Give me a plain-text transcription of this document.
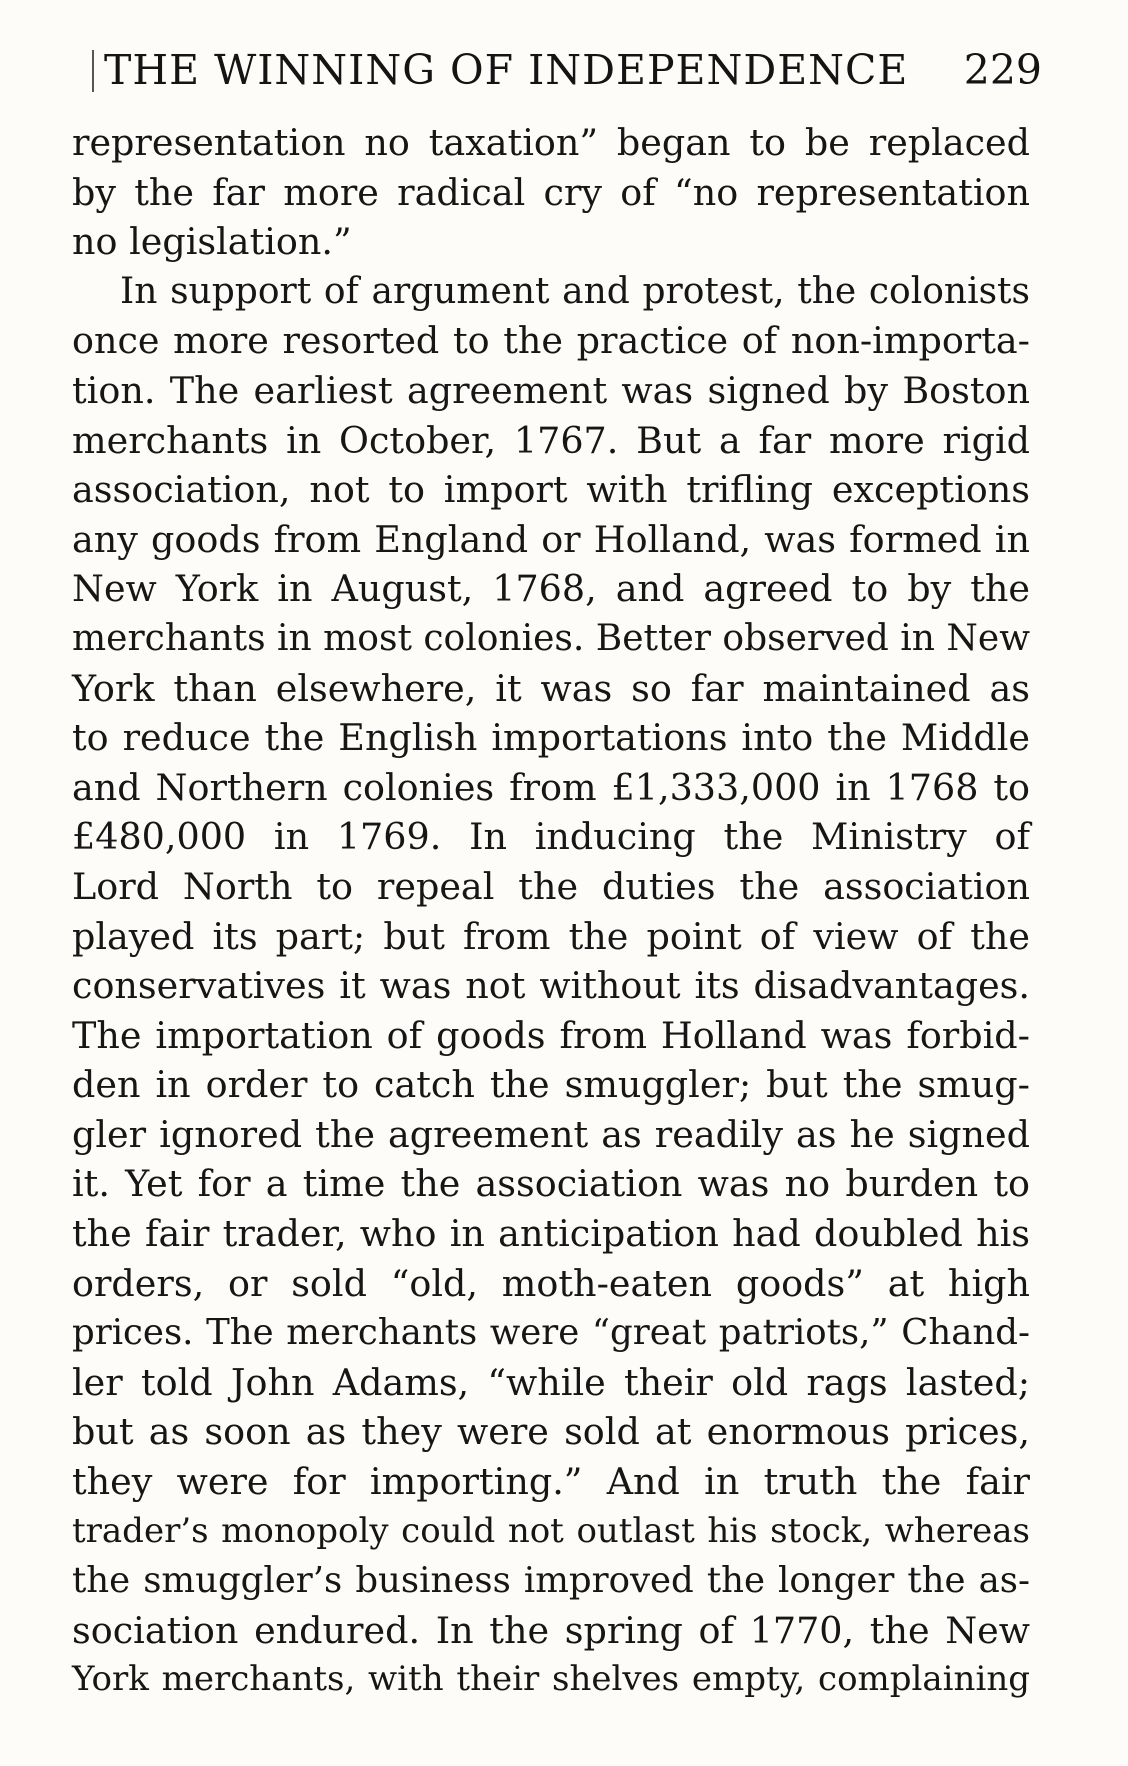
THE WINNING OF INDEPENDENCE 229
representation no taxation” began to be replaced
by the far more radical cry of “no representation
no legislation.”
In support of argument and protest, the colonists
once more resorted to the practice of non-importa-
tion. The earliest agreement was signed by Boston
merchants in October, 1767. But a far more rigid
association, not to import with trifling exceptions
any goods from England or Holland, was formed in
New York in August, 1768, and agreed to by the
merchants in most colonies. Better observed in New
York than elsewhere, it was so far maintained as
to reduce the English importations into the Middle
and Northern colonies from £1,333,000 in 1768 to
£480,000 in 1769. In inducing the Ministry of
Lord North to repeal the duties the association
played its part; but from the point of view of the
conservatives it was not without its disadvantages.
The importation of goods from Holland was forbid-
den in order to catch the smuggler; but the smug-
gler ignored the agreement as readily as he signed
it. Yet for a time the association was no burden to
the fair trader, who in anticipation had doubled his
orders, or sold “old, moth-eaten goods” at high
prices. The merchants were “great patriots,” Chand-
ler told John Adams, “while their old rags lasted;
but as soon as they were sold at enormous prices,
they were for importing.” And in truth the fair
trader’s monopoly could not outlast his stock, whereas
the smuggler’s business improved the longer the as-
sociation endured. In the spring of 1770, the New
York merchants, with their shelves empty, complaining
